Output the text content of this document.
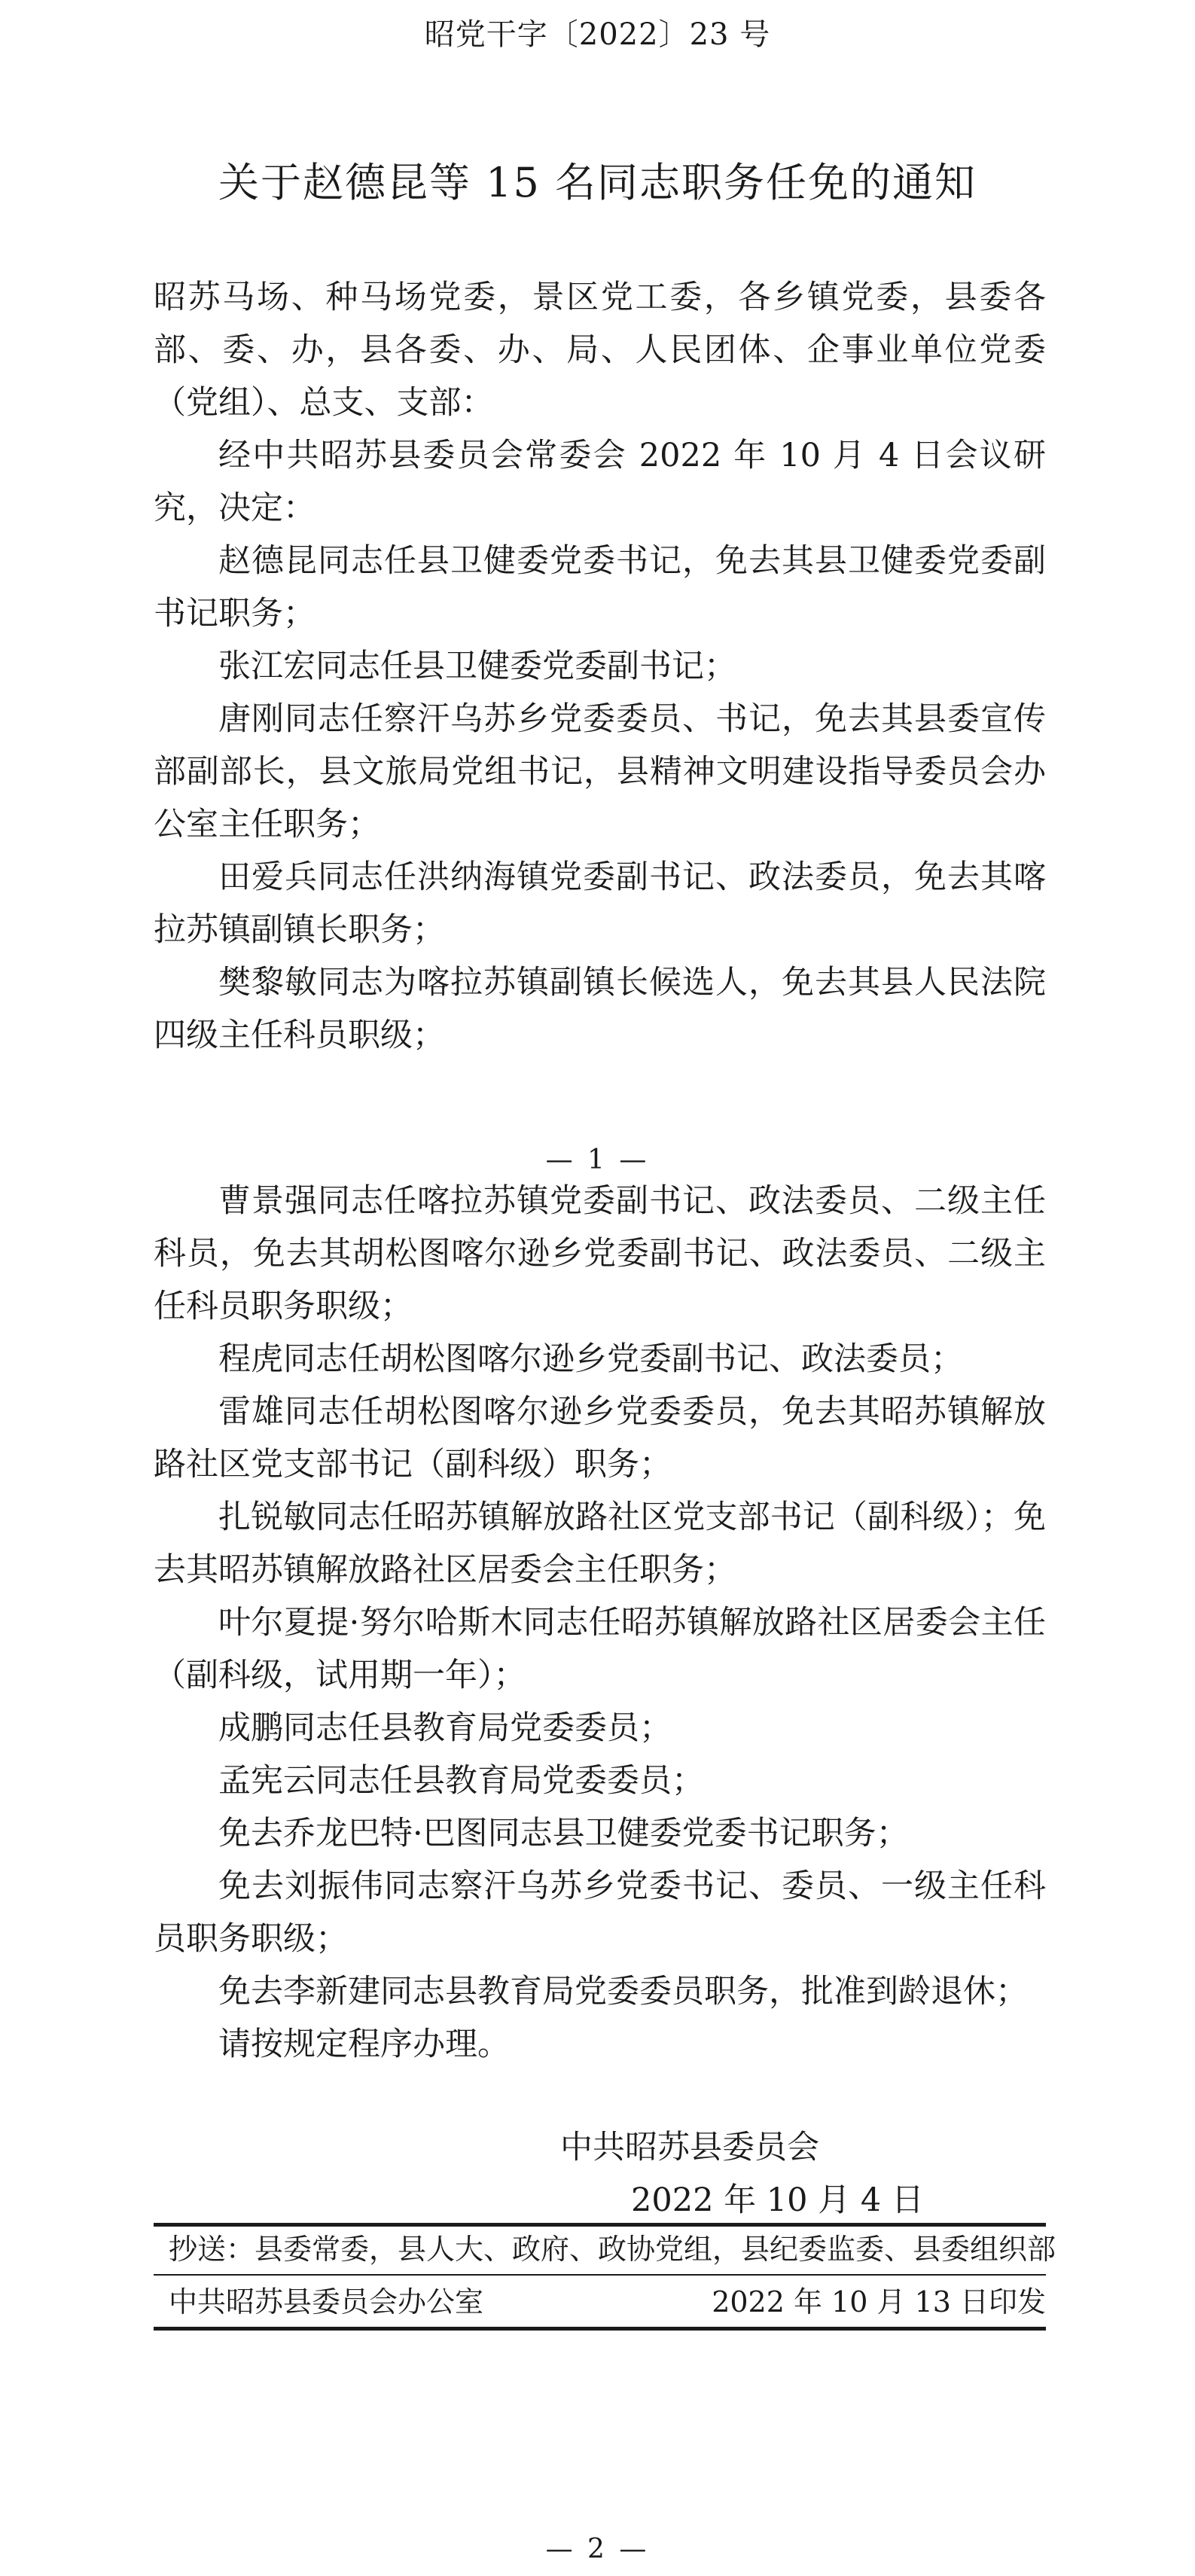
昭党干字〔2022〕23 号
关于赵德昆等 15 名同志职务任免的通知

昭苏马场、种马场党委，景区党工委，各乡镇党委，县委各部、委、办，县各委、办、局、人民团体、企事业单位党委（党组）、总支、支部：

经中共昭苏县委员会常委会 2022 年 10 月 4 日会议研究，决定：

赵德昆同志任县卫健委党委书记，免去其县卫健委党委副书记职务；

张江宏同志任县卫健委党委副书记；

唐刚同志任察汗乌苏乡党委委员、书记，免去其县委宣传部副部长，县文旅局党组书记，县精神文明建设指导委员会办公室主任职务；

田爱兵同志任洪纳海镇党委副书记、政法委员，免去其喀拉苏镇副镇长职务；

樊黎敏同志为喀拉苏镇副镇长候选人，免去其县人民法院四级主任科员职级；

— 1 —

曹景强同志任喀拉苏镇党委副书记、政法委员、二级主任科员，免去其胡松图喀尔逊乡党委副书记、政法委员、二级主任科员职务职级；

程虎同志任胡松图喀尔逊乡党委副书记、政法委员；

雷雄同志任胡松图喀尔逊乡党委委员，免去其昭苏镇解放路社区党支部书记（副科级）职务；

扎锐敏同志任昭苏镇解放路社区党支部书记（副科级）；免去其昭苏镇解放路社区居委会主任职务；

叶尔夏提·努尔哈斯木同志任昭苏镇解放路社区居委会主任（副科级，试用期一年）；

成鹏同志任县教育局党委委员；

孟宪云同志任县教育局党委委员；

免去乔龙巴特·巴图同志县卫健委党委书记职务；

免去刘振伟同志察汗乌苏乡党委书记、委员、一级主任科员职务职级；

免去李新建同志县教育局党委委员职务，批准到龄退休；

请按规定程序办理。

中共昭苏县委员会
2022 年 10 月 4 日
抄送：县委常委，县人大、政府、政协党组，县纪委监委、县委组织部
中共昭苏县委员会办公室	2022 年 10 月 13 日印发
— 2 —
